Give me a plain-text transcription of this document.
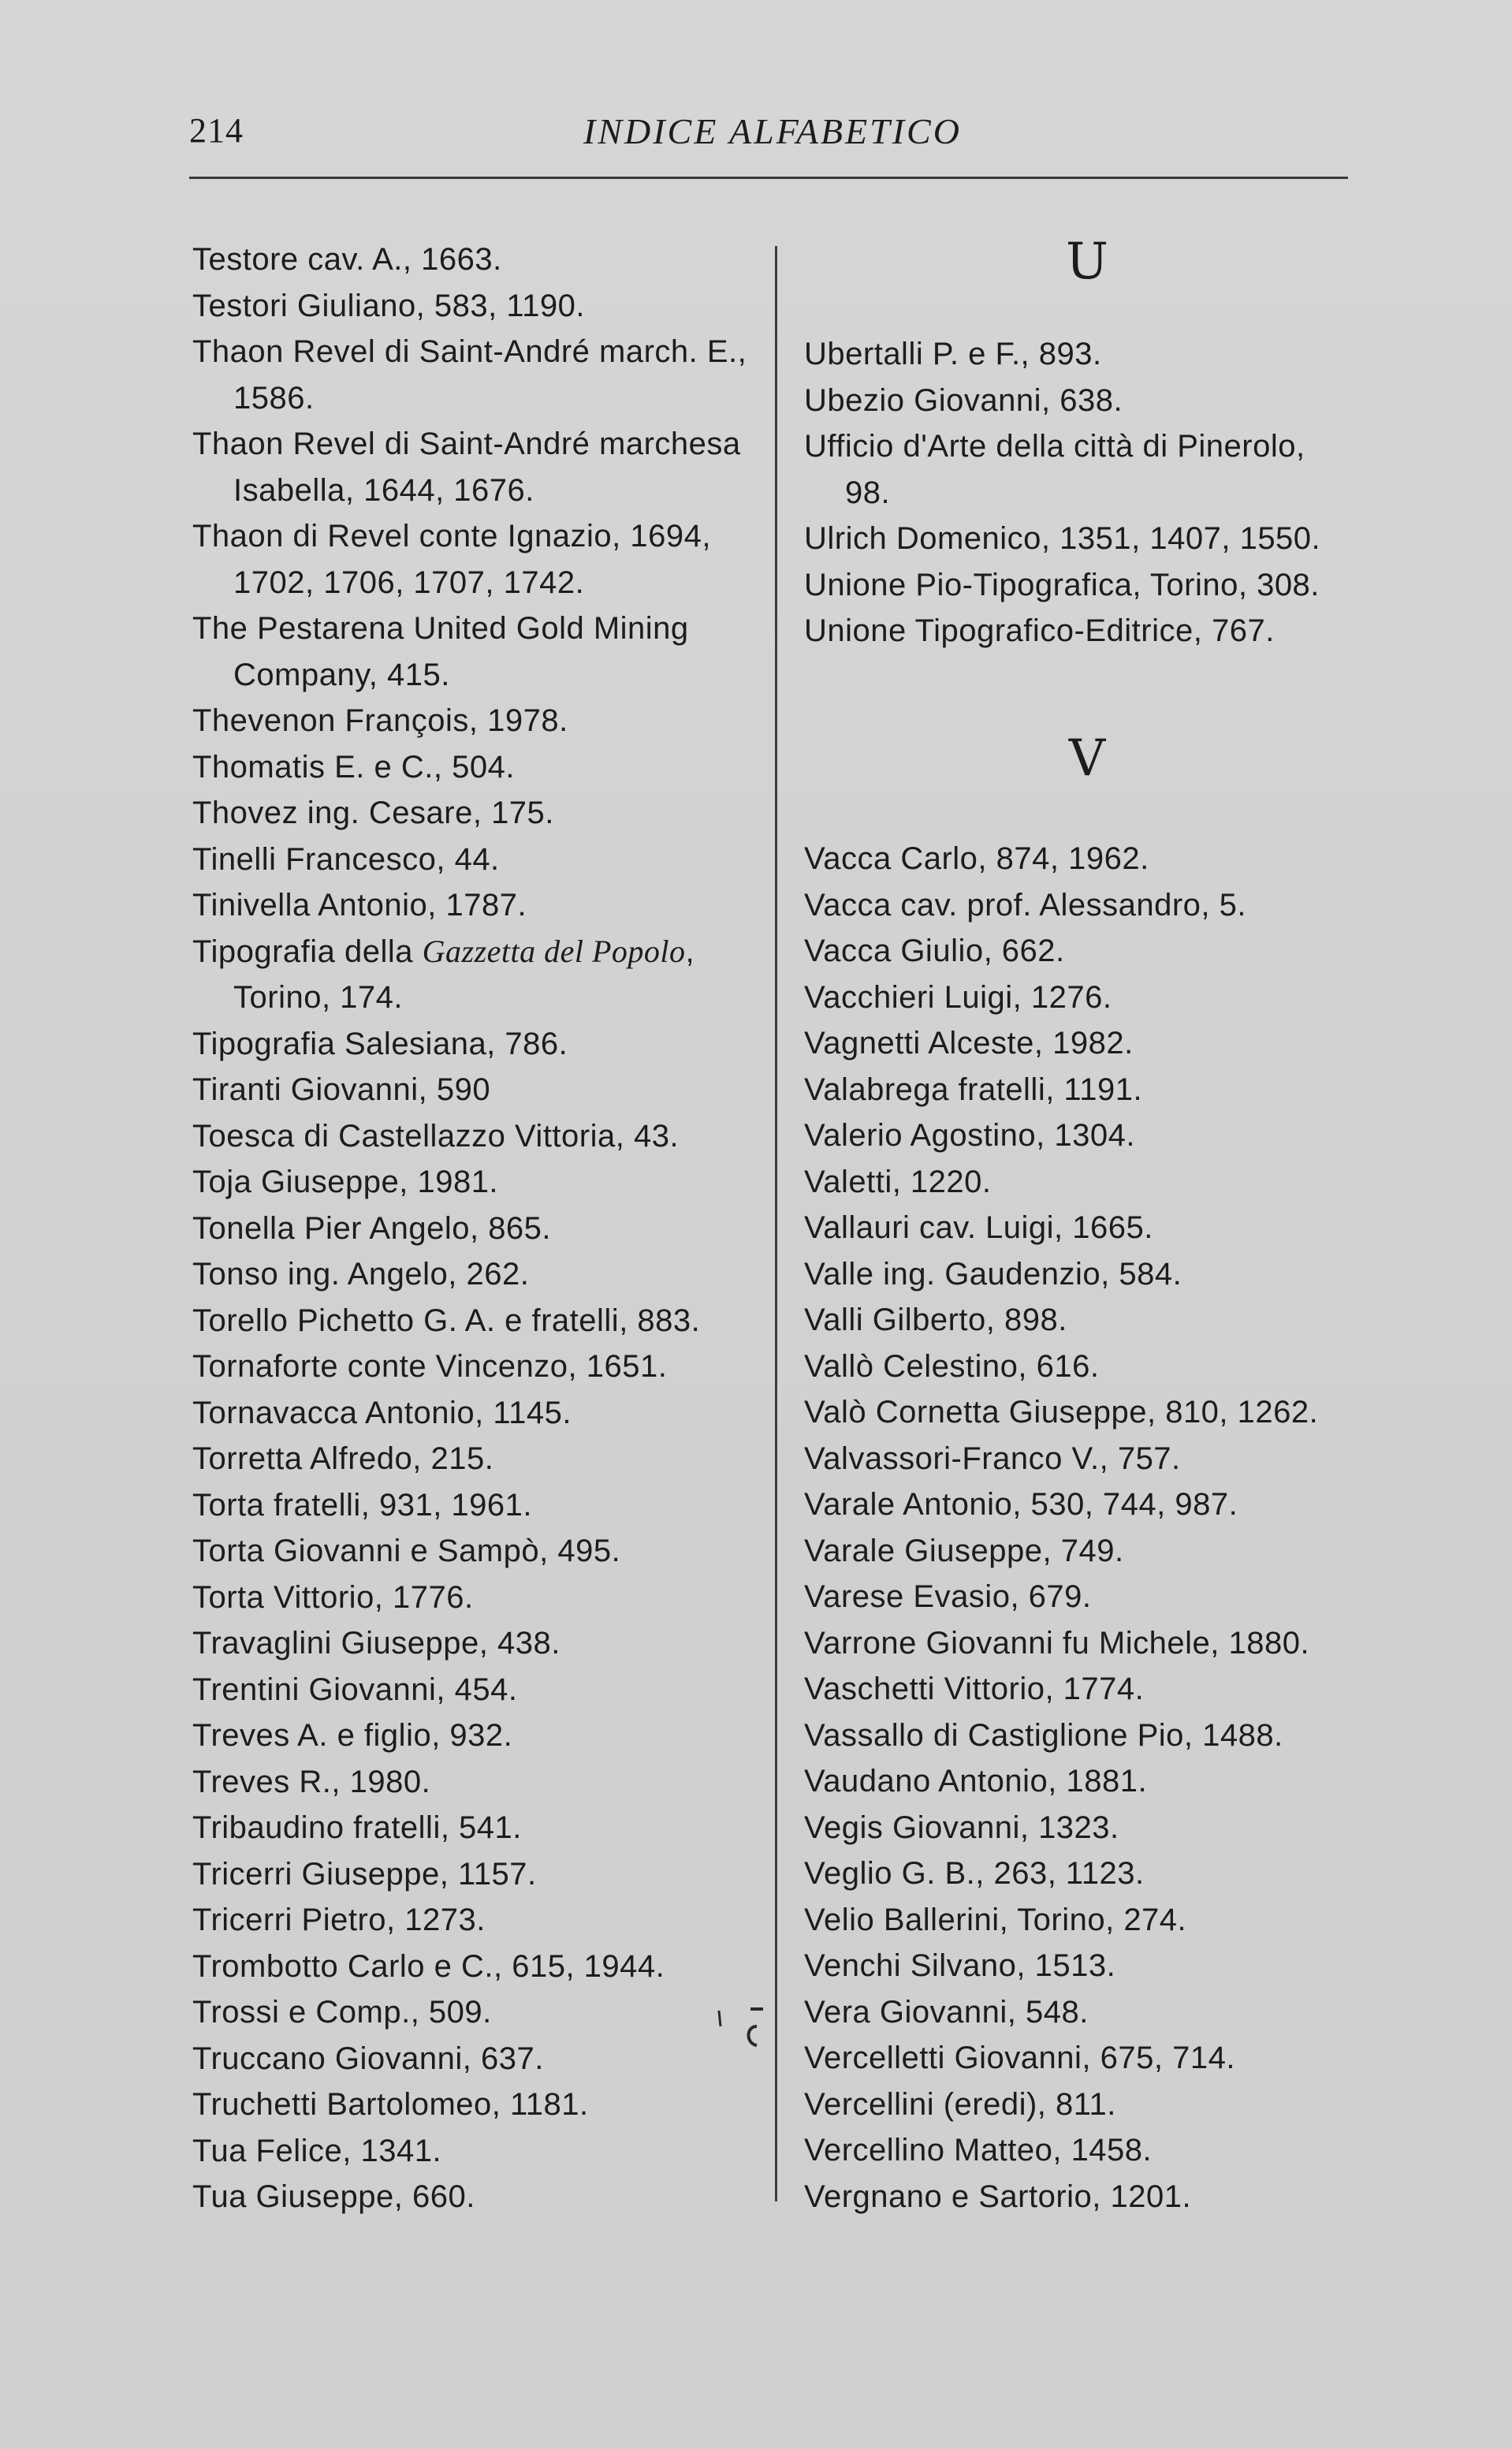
214	INDICE ALFABETICO
Testore cav. A., 1663.
Testori Giuliano, 583, 1190.
Thaon Revel di Saint-André march. E.,
1586.
Thaon Revel di Saint-André marchesa
Isabella, 1644, 1676.
Thaon di Revel conte Ignazio, 1694,
1702, 1706, 1707, 1742.
The Pestarena United Gold Mining
Company, 415.
Thevenon François, 1978.
Thomatis E. e C., 504.
Thovez ing. Cesare, 175.
Tinelli Francesco, 44.
Tinivella Antonio, 1787.
Tipografia della Gazzetta del Popolo,
Torino, 174.
Tipografia Salesiana, 786.
Tiranti Giovanni, 590
Toesca di Castellazzo Vittoria, 43.
Toja Giuseppe, 1981.
Tonella Pier Angelo, 865.
Tonso ing. Angelo, 262.
Torello Pichetto G. A. e fratelli, 883.
Tornaforte conte Vincenzo, 1651.
Tornavacca Antonio, 1145.
Torretta Alfredo, 215.
Torta fratelli, 931, 1961.
Torta Giovanni e Sampò, 495.
Torta Vittorio, 1776.
Travaglini Giuseppe, 438.
Trentini Giovanni, 454.
Treves A. e figlio, 932.
Treves R., 1980.
Tribaudino fratelli, 541.
Tricerri Giuseppe, 1157.
Tricerri Pietro, 1273.
Trombotto Carlo e C., 615, 1944.
Trossi e Comp., 509.
Truccano Giovanni, 637.
Truchetti Bartolomeo, 1181.
Tua Felice, 1341.
Tua Giuseppe, 660.
U
Ubertalli P. e F., 893.
Ubezio Giovanni, 638.
Ufficio d'Arte della città di Pinerolo,
98.
Ulrich Domenico, 1351, 1407, 1550.
Unione Pio-Tipografica, Torino, 308.
Unione Tipografico-Editrice, 767.
V
Vacca Carlo, 874, 1962.
Vacca cav. prof. Alessandro, 5.
Vacca Giulio, 662.
Vacchieri Luigi, 1276.
Vagnetti Alceste, 1982.
Valabrega fratelli, 1191.
Valerio Agostino, 1304.
Valetti, 1220.
Vallauri cav. Luigi, 1665.
Valle ing. Gaudenzio, 584.
Valli Gilberto, 898.
Vallò Celestino, 616.
Valò Cornetta Giuseppe, 810, 1262.
Valvassori-Franco V., 757.
Varale Antonio, 530, 744, 987.
Varale Giuseppe, 749.
Varese Evasio, 679.
Varrone Giovanni fu Michele, 1880.
Vaschetti Vittorio, 1774.
Vassallo di Castiglione Pio, 1488.
Vaudano Antonio, 1881.
Vegis Giovanni, 1323.
Veglio G. B., 263, 1123.
Velio Ballerini, Torino, 274.
Venchi Silvano, 1513.
Vera Giovanni, 548.
Vercelletti Giovanni, 675, 714.
Vercellini (eredi), 811.
Vercellino Matteo, 1458.
Vergnano e Sartorio, 1201.
